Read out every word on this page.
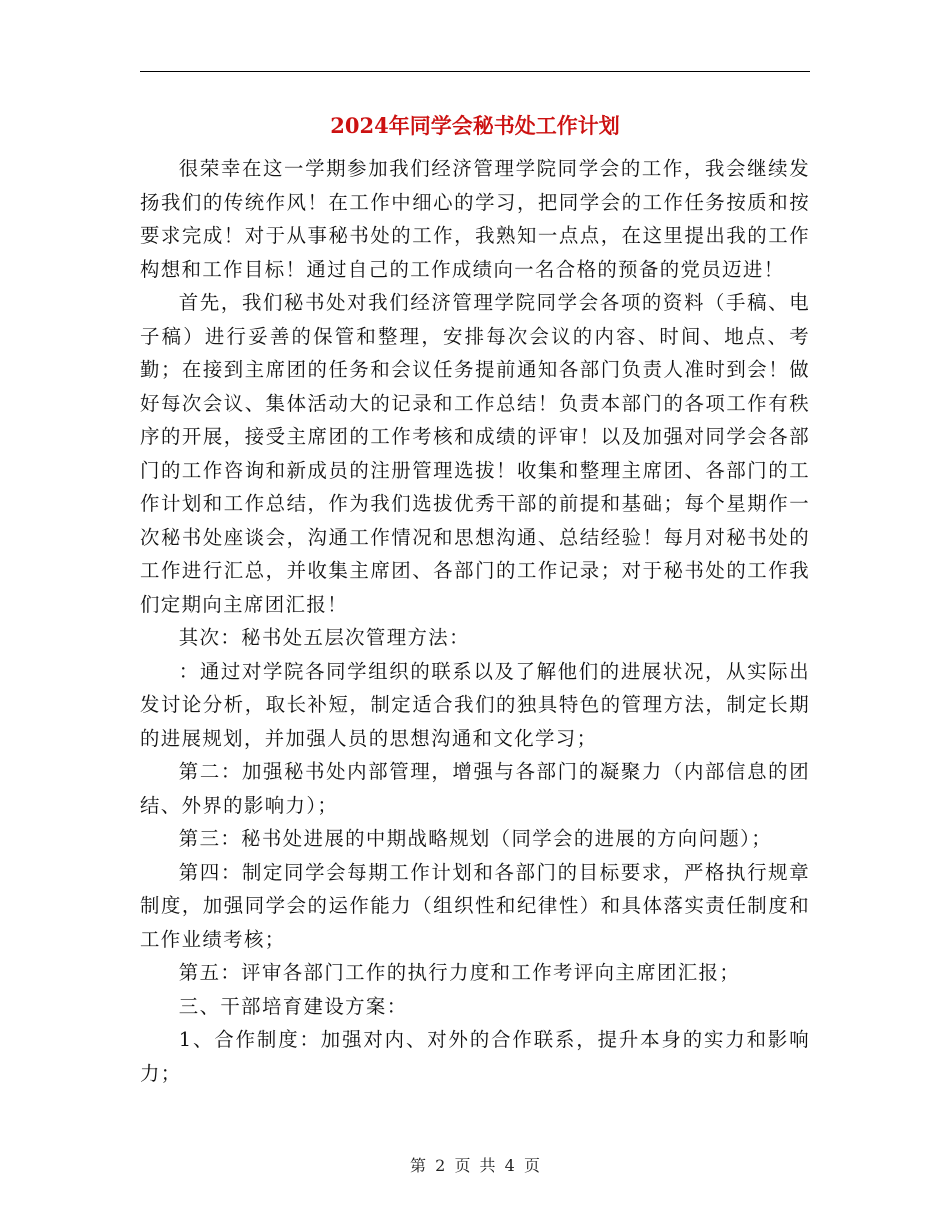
2024年同学会秘书处工作计划

很荣幸在这一学期参加我们经济管理学院同学会的工作，我会继续发扬我们的传统作风！在工作中细心的学习，把同学会的工作任务按质和按要求完成！对于从事秘书处的工作，我熟知一点点，在这里提出我的工作构想和工作目标！通过自己的工作成绩向一名合格的预备的党员迈进！

首先，我们秘书处对我们经济管理学院同学会各项的资料（手稿、电子稿）进行妥善的保管和整理，安排每次会议的内容、时间、地点、考勤；在接到主席团的任务和会议任务提前通知各部门负责人准时到会！做好每次会议、集体活动大的记录和工作总结！负责本部门的各项工作有秩序的开展，接受主席团的工作考核和成绩的评审！以及加强对同学会各部门的工作咨询和新成员的注册管理选拔！收集和整理主席团、各部门的工作计划和工作总结，作为我们选拔优秀干部的前提和基础；每个星期作一次秘书处座谈会，沟通工作情况和思想沟通、总结经验！每月对秘书处的工作进行汇总，并收集主席团、各部门的工作记录；对于秘书处的工作我们定期向主席团汇报！

其次：秘书处五层次管理方法：

：通过对学院各同学组织的联系以及了解他们的进展状况，从实际出发讨论分析，取长补短，制定适合我们的独具特色的管理方法，制定长期的进展规划，并加强人员的思想沟通和文化学习；

第二：加强秘书处内部管理，增强与各部门的凝聚力（内部信息的团结、外界的影响力）；

第三：秘书处进展的中期战略规划（同学会的进展的方向问题）；

第四：制定同学会每期工作计划和各部门的目标要求，严格执行规章制度，加强同学会的运作能力（组织性和纪律性）和具体落实责任制度和工作业绩考核；

第五：评审各部门工作的执行力度和工作考评向主席团汇报；

三、干部培育建设方案：

1、合作制度：加强对内、对外的合作联系，提升本身的实力和影响力；

第 2 页 共 4 页
